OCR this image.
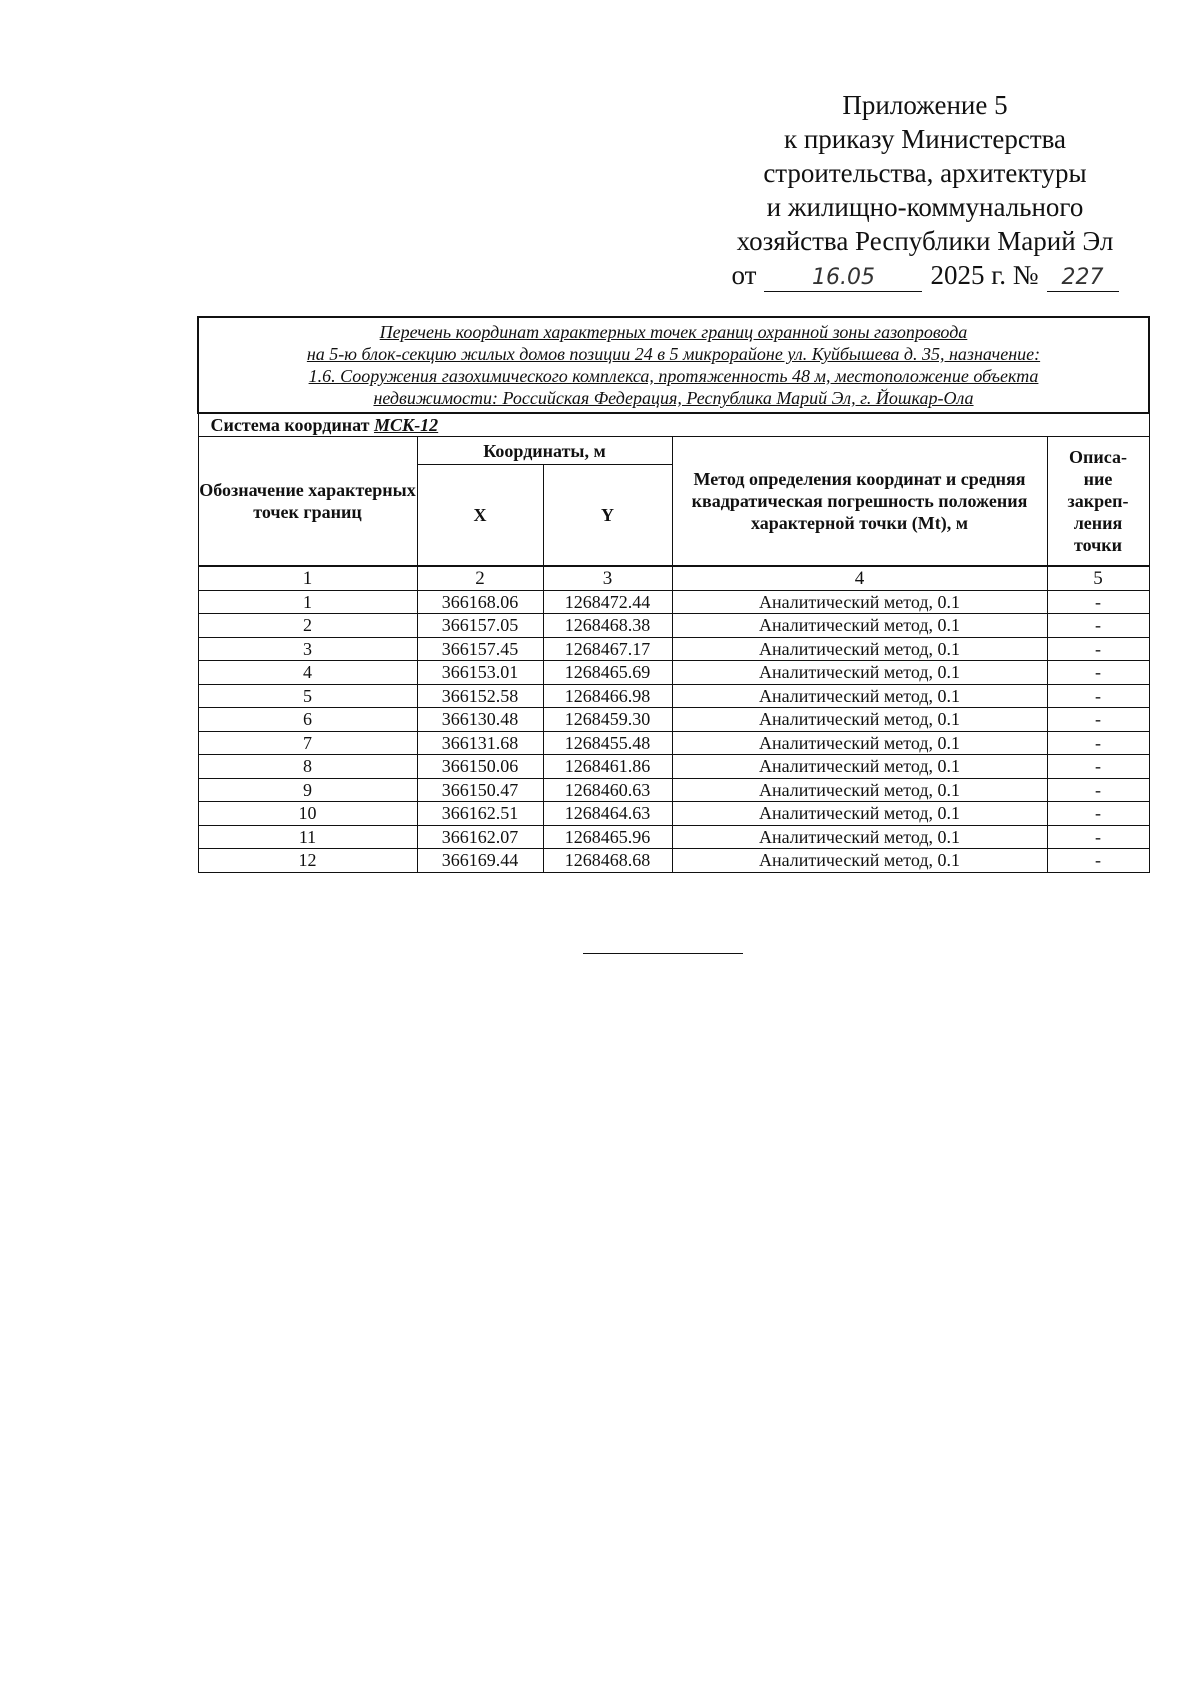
Приложение 5
к приказу Министерства
строительства, архитектуры
и жилищно-коммунального
хозяйства Республики Марий Эл
от	16.05	2025 г. №	227
Перечень координат характерных точек границ охранной зоны газопровода
на 5-ю блок-секцию жилых домов позиции 24 в 5 микрорайоне ул. Куйбышева д. 35, назначение:
1.6. Сооружения газохимического комплекса, протяженность 48 м, местоположение объекта
недвижимости: Российская Федерация, Республика Марий Эл, г. Йошкар-Ола				

Система координат МСК-12				
Обозначение характерных точек границ	Координаты, м		Метод определения координат и средняя квадратическая погрешность положения характерной точки (Mt), м	Описа-ние закреп-ления точки
	X	Y		
1	2	3	4	5
1	366168.06	1268472.44	Аналитический метод, 0.1	-
2	366157.05	1268468.38	Аналитический метод, 0.1	-
3	366157.45	1268467.17	Аналитический метод, 0.1	-
4	366153.01	1268465.69	Аналитический метод, 0.1	-
5	366152.58	1268466.98	Аналитический метод, 0.1	-
6	366130.48	1268459.30	Аналитический метод, 0.1	-
7	366131.68	1268455.48	Аналитический метод, 0.1	-
8	366150.06	1268461.86	Аналитический метод, 0.1	-
9	366150.47	1268460.63	Аналитический метод, 0.1	-
10	366162.51	1268464.63	Аналитический метод, 0.1	-
11	366162.07	1268465.96	Аналитический метод, 0.1	-
12	366169.44	1268468.68	Аналитический метод, 0.1	-
